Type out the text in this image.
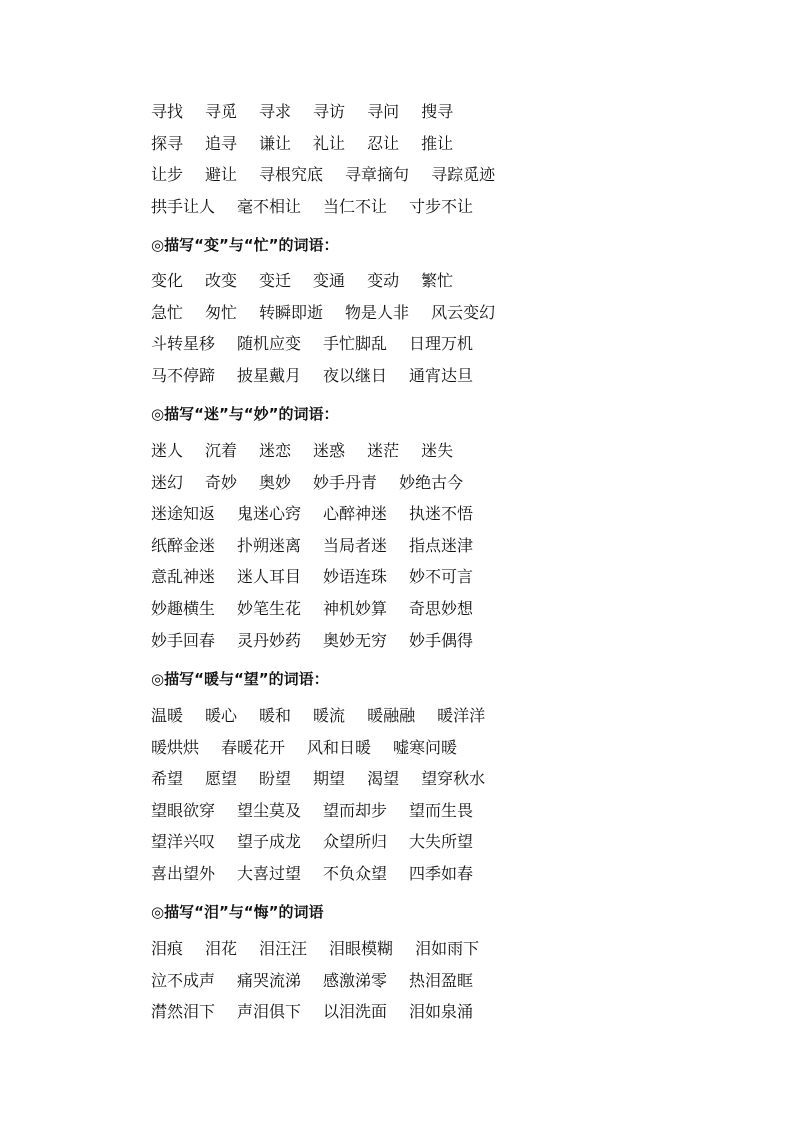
寻找 寻觅 寻求 寻访 寻问 搜寻
探寻 追寻 谦让 礼让 忍让 推让
让步 避让 寻根究底 寻章摘句 寻踪觅迹
拱手让人 毫不相让 当仁不让 寸步不让
◎描写“变”与“忙”的词语：
变化 改变 变迁 变通 变动 繁忙
急忙 匆忙 转瞬即逝 物是人非 风云变幻
斗转星移 随机应变 手忙脚乱 日理万机
马不停蹄 披星戴月 夜以继日 通宵达旦
◎描写“迷”与“妙”的词语：
迷人 沉着 迷恋 迷惑 迷茫 迷失
迷幻 奇妙 奥妙 妙手丹青 妙绝古今
迷途知返 鬼迷心窍 心醉神迷 执迷不悟
纸醉金迷 扑朔迷离 当局者迷 指点迷津
意乱神迷 迷人耳目 妙语连珠 妙不可言
妙趣横生 妙笔生花 神机妙算 奇思妙想
妙手回春 灵丹妙药 奥妙无穷 妙手偶得
◎描写“暖与“望”的词语：
温暖 暖心 暖和 暖流 暖融融 暖洋洋
暖烘烘 春暖花开 风和日暖 嘘寒问暖
希望 愿望 盼望 期望 渴望 望穿秋水
望眼欲穿 望尘莫及 望而却步 望而生畏
望洋兴叹 望子成龙 众望所归 大失所望
喜出望外 大喜过望 不负众望 四季如春
◎描写“泪”与“悔”的词语
泪痕 泪花 泪汪汪 泪眼模糊 泪如雨下
泣不成声 痛哭流涕 感激涕零 热泪盈眶
潸然泪下 声泪俱下 以泪洗面 泪如泉涌
